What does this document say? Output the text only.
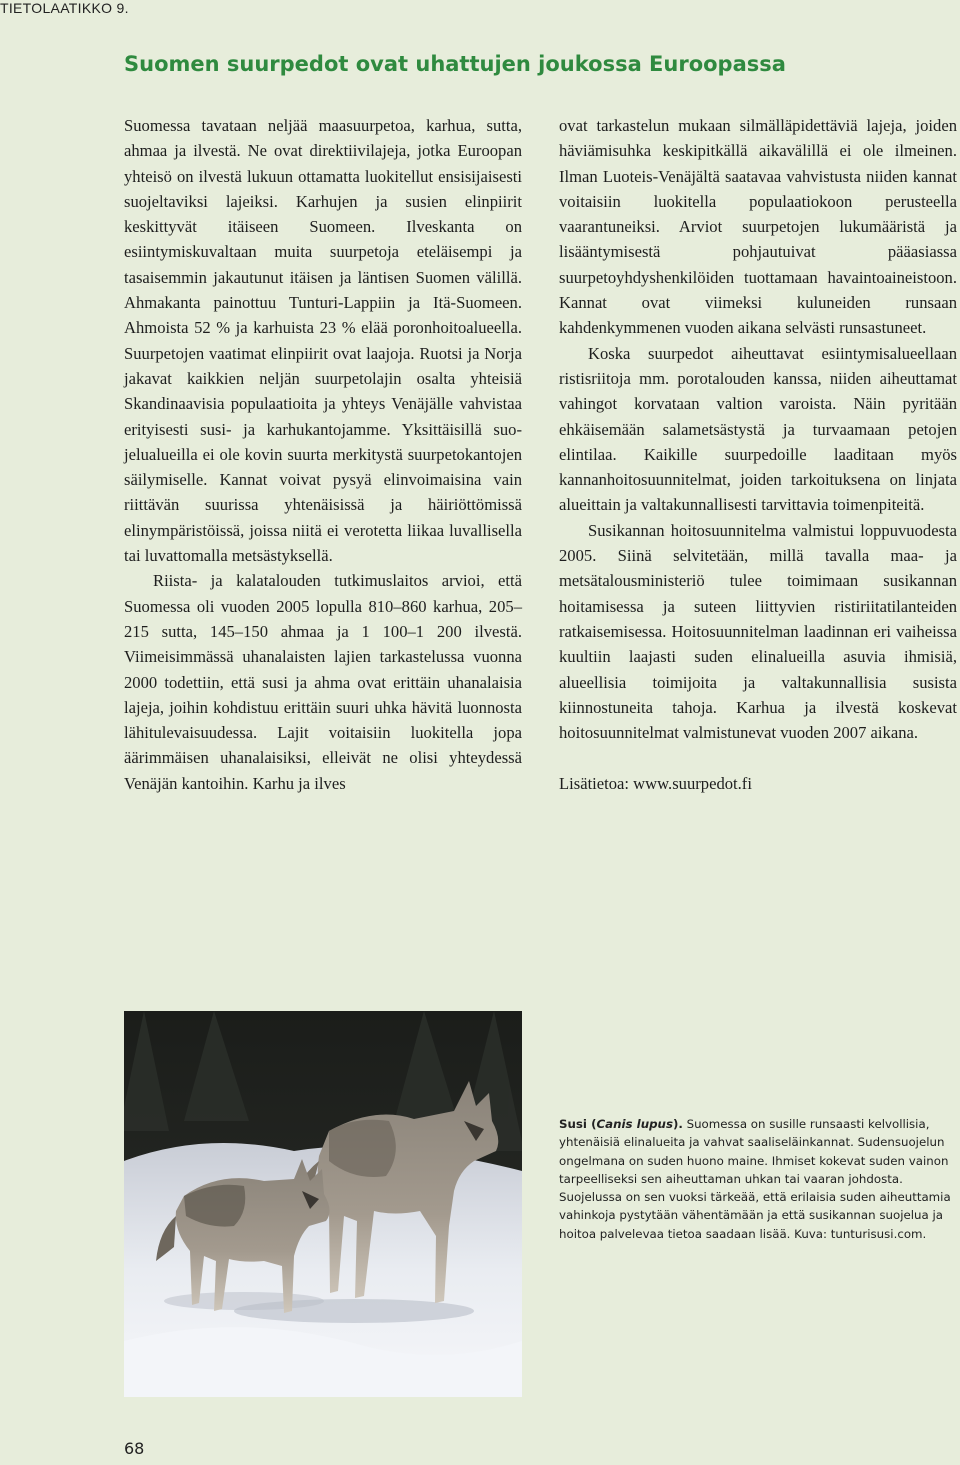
TIETOLAATIKKO 9.
Suomen suurpedot ovat uhattujen joukossa Euroopassa

Suomessa tavataan neljää maasuurpetoa, karhua, sutta, ahmaa ja ilvestä. Ne ovat direktiivilajeja, jotka Euroopan yhteisö on ilvestä lukuun ottamatta luokitellut ensisijaisesti suojeltaviksi lajeiksi. Karhujen ja susien elinpiirit keskittyvät itäiseen Suomeen. Ilveskanta on esiintymiskuvaltaan muita suurpetoja eteläisempi ja tasaisemmin jakautunut itäisen ja läntisen Suomen välillä. Ahmakanta painottuu Tunturi-Lappiin ja Itä-Suomeen. Ahmoista 52 % ja karhuista 23 % elää poronhoitoalueella. Suurpetojen vaatimat elinpiirit ovat laajoja. Ruotsi ja Norja jakavat kaikkien neljän suurpetolajin osalta yhteisiä Skandinaavisia populaatioita ja yhteys Venäjälle vahvistaa erityisesti susi- ja karhukantojamme. Yksittäisillä suojelualueilla ei ole kovin suurta merkitystä suurpetokantojen säilymiselle. Kannat voivat pysyä elinvoimaisina vain riittävän suurissa yhtenäisissä ja häiriöttömissä elinympäristöissä, joissa niitä ei verotetta liikaa luvallisella tai luvattomalla metsästyksellä.

Riista- ja kalatalouden tutkimuslaitos arvioi, että Suomessa oli vuoden 2005 lopulla 810–860 karhua, 205–215 sutta, 145–150 ahmaa ja 1 100–1 200 ilvestä. Viimeisimmässä uhanalaisten lajien tarkastelussa vuonna 2000 todettiin, että susi ja ahma ovat erittäin uhanalaisia lajeja, joihin kohdistuu erittäin suuri uhka hävitä luonnosta lähitulevaisuudessa. Lajit voitaisiin luokitella jopa äärimmäisen uhanalaisiksi, elleivät ne olisi yhteydessä Venäjän kantoihin. Karhu ja ilves

ovat tarkastelun mukaan silmälläpidettäviä lajeja, joiden häviämisuhka keskipitkällä aikavälillä ei ole ilmeinen. Ilman Luoteis-Venäjältä saatavaa vahvistusta niiden kannat voitaisiin luokitella populaatiokoon perusteella vaarantuneiksi. Arviot suurpetojen lukumääristä ja lisääntymisestä pohjautuivat pääasiassa suurpetoyhdyshenkilöiden tuottamaan havaintoaineistoon. Kannat ovat viimeksi kuluneiden runsaan kahdenkymmenen vuoden aikana selvästi runsastuneet.

Koska suurpedot aiheuttavat esiintymisalueellaan ristisriitoja mm. porotalouden kanssa, niiden aiheuttamat vahingot korvataan valtion varoista. Näin pyritään ehkäisemään salametsästystä ja turvaamaan petojen elintilaa. Kaikille suurpedoille laaditaan myös kannanhoitosuunnitelmat, joiden tarkoituksena on linjata alueittain ja valtakunnallisesti tarvittavia toimenpiteitä.

Susikannan hoitosuunnitelma valmistui loppuvuodesta 2005. Siinä selvitetään, millä tavalla maa- ja metsätalousministeriö tulee toimimaan susikannan hoitamisessa ja suteen liittyvien ristiriitatilanteiden ratkaisemisessa. Hoitosuunnitelman laadinnan eri vaiheissa kuultiin laajasti suden elinalueilla asuvia ihmisiä, alueellisia toimijoita ja valtakunnallisia susista kiinnostuneita tahoja. Karhua ja ilvestä koskevat hoitosuunnitelmat valmistunevat vuoden 2007 aikana.

Lisätietoa: www.suurpedot.fi

Susi (Canis lupus). Suomessa on susille runsaasti kelvollisia, yhtenäisiä elinalueita ja vahvat saaliseläinkannat. Sudensuojelun ongelmana on suden huono maine. Ihmiset kokevat suden vainon tarpeelliseksi sen aiheuttaman uhkan tai vaaran johdosta. Suojelussa on sen vuoksi tärkeää, että erilaisia suden aiheuttamia vahinkoja pystytään vähentämään ja että susikannan suojelua ja hoitoa palvelevaa tietoa saadaan lisää. Kuva: tunturisusi.com.
68
